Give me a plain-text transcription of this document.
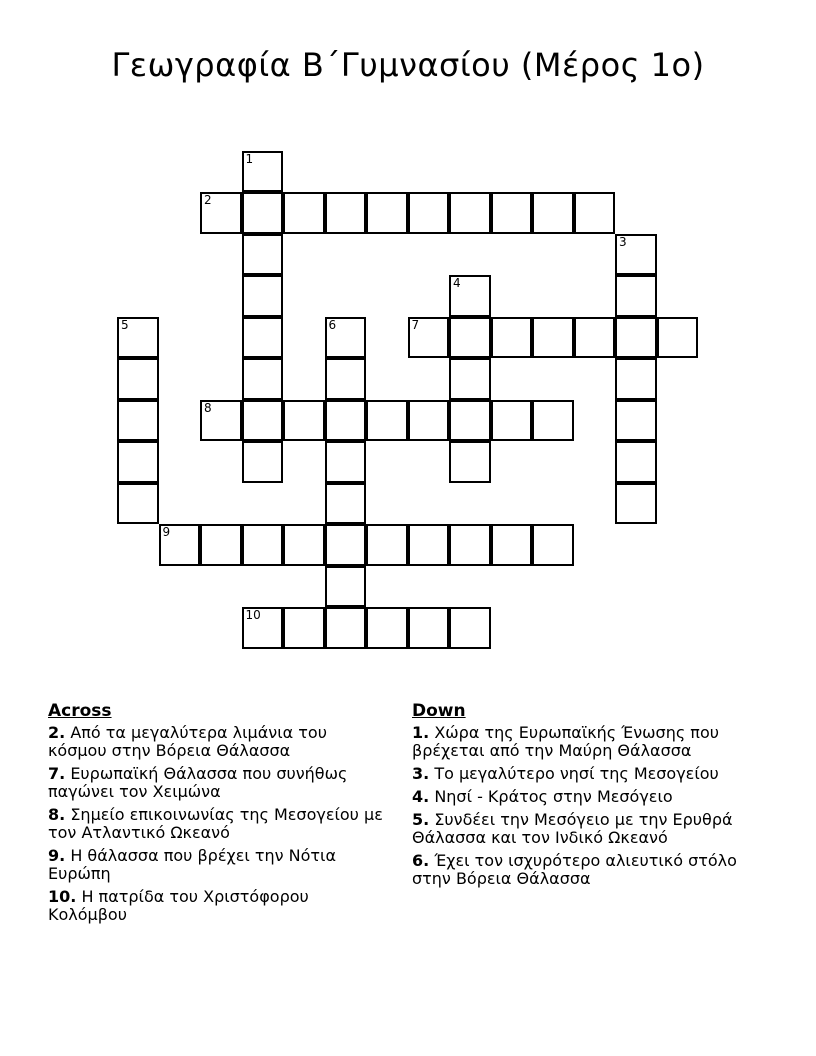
Γεωγραφία Β΄Γυμνασίου (Μέρος 1ο)
1
2
3
4
5	6	7
8
9
10
Across
2. Από τα μεγαλύτερα λιμάνια του κόσμου στην Βόρεια Θάλασσα
7. Ευρωπαϊκή Θάλασσα που συνήθως παγώνει τον Χειμώνα
8. Σημείο επικοινωνίας της Μεσογείου με τον Ατλαντικό Ωκεανό
9. Η θάλασσα που βρέχει την Νότια Ευρώπη
10. Η πατρίδα του Χριστόφορου Κολόμβου
Down
1. Χώρα της Ευρωπαϊκής Ένωσης που βρέχεται από την Μαύρη Θάλασσα
3. Το μεγαλύτερο νησί της Μεσογείου
4. Νησί - Κράτος στην Μεσόγειο
5. Συνδέει την Μεσόγειο με την Ερυθρά Θάλασσα και τον Ινδικό Ωκεανό
6. Έχει τον ισχυρότερο αλιευτικό στόλο στην Βόρεια Θάλασσα
